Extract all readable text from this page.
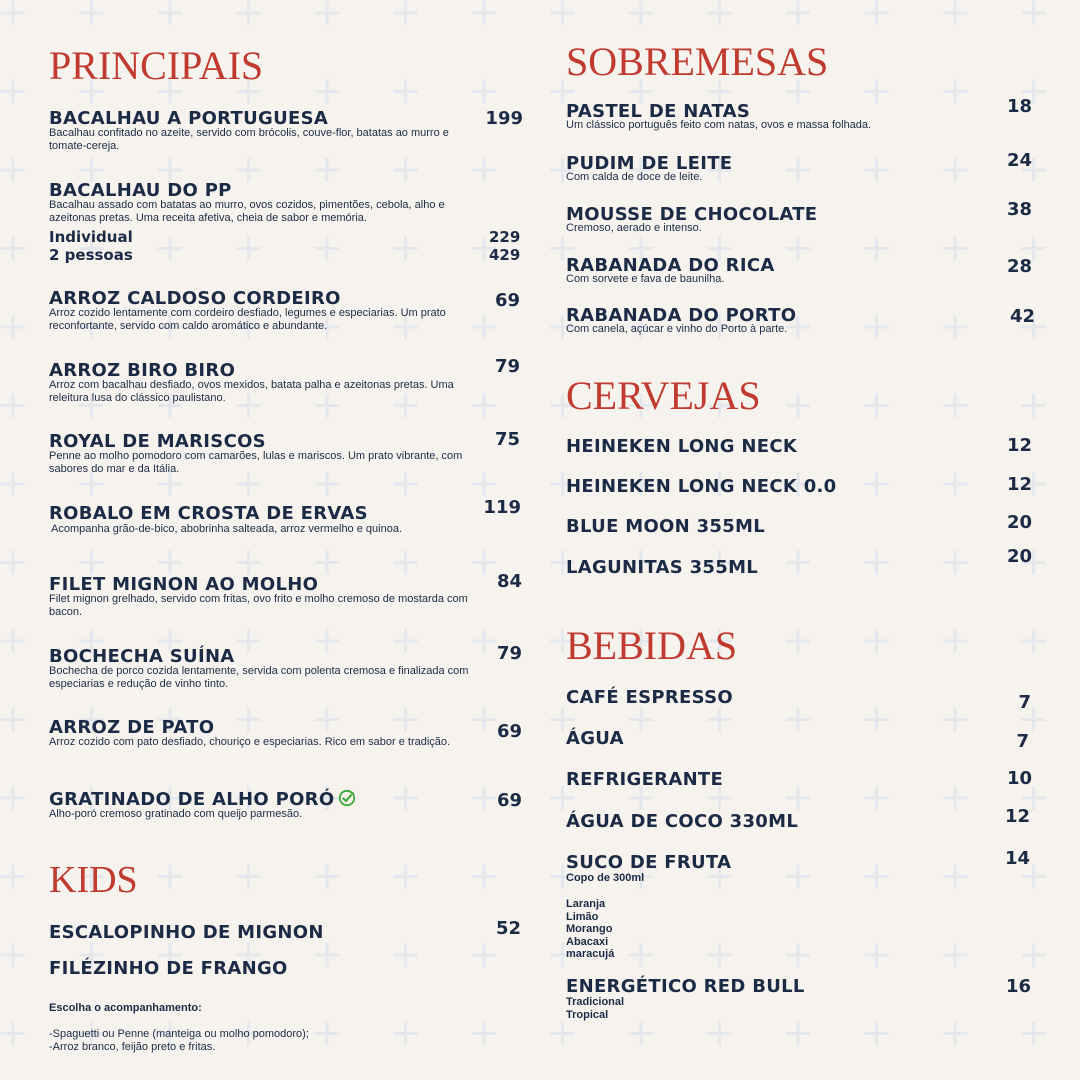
PRINCIPAIS
BACALHAU A PORTUGUESA
Bacalhau confitado no azeite, servido com brócolis, couve-flor, batatas ao murro e tomate-cereja.
199
BACALHAU DO PP
Bacalhau assado com batatas ao murro, ovos cozidos, pimentões, cebola, alho e azeitonas pretas. Uma receita afetiva, cheia de sabor e memória.
Individual	229
2 pessoas	429
ARROZ CALDOSO CORDEIRO
Arroz cozido lentamente com cordeiro desfiado, legumes e especiarias. Um prato reconfortante, servido com caldo aromático e abundante.
69
ARROZ BIRO BIRO
Arroz com bacalhau desfiado, ovos mexidos, batata palha e azeitonas pretas. Uma releitura lusa do clássico paulistano.
79
ROYAL DE MARISCOS
Penne ao molho pomodoro com camarões, lulas e mariscos. Um prato vibrante, com sabores do mar e da Itália.
75
ROBALO EM CROSTA DE ERVAS
Acompanha grão-de-bico, abobrinha salteada, arroz vermelho e quinoa.
119
FILET MIGNON AO MOLHO
Filet mignon grelhado, servido com fritas, ovo frito e molho cremoso de mostarda com bacon.
84
BOCHECHA SUÍNA
Bochecha de porco cozida lentamente, servida com polenta cremosa e finalizada com especiarias e redução de vinho tinto.
79
ARROZ DE PATO
Arroz cozido com pato desfiado, chouriço e especiarias. Rico em sabor e tradição.	69
GRATINADO DE ALHO PORÓ
Alho-poró cremoso gratinado com queijo parmesão.
69
KIDS
ESCALOPINHO DE MIGNON	52
FILÉZINHO DE FRANGO
Escolha o acompanhamento:
-Spaguetti ou Penne (manteiga ou molho pomodoro);
-Arroz branco, feijão preto e fritas.
SOBREMESAS
PASTEL DE NATAS
Um clássico português feito com natas, ovos e massa folhada.
18
PUDIM DE LEITE
Com calda de doce de leite.
24
MOUSSE DE CHOCOLATE
Cremoso, aerado e intenso.
38
RABANADA DO RICA
Com sorvete e fava de baunilha.
28
RABANADA DO PORTO
Com canela, açúcar e vinho do Porto à parte.
42
CERVEJAS
HEINEKEN LONG NECK	12
HEINEKEN LONG NECK 0.0	12
BLUE MOON 355ML	20
LAGUNITAS 355ML
20
BEBIDAS
CAFÉ ESPRESSO	7
ÁGUA	7
REFRIGERANTE	10
ÁGUA DE COCO 330ML	12
SUCO DE FRUTA	14
Copo de 300ml
Laranja
Limão
Morango
Abacaxi
maracujá
ENERGÉTICO RED BULL	16
Tradicional
Tropical
